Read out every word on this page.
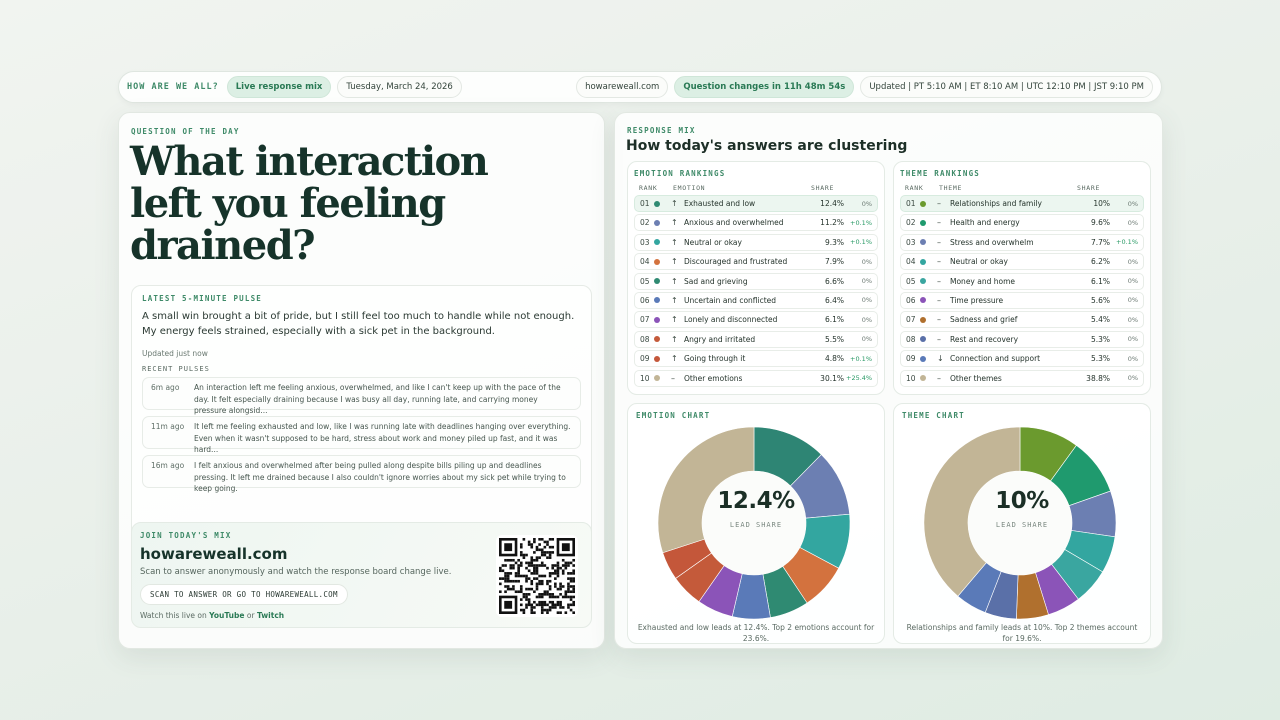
HOW ARE WE ALL?	Live response mix	Tuesday, March 24, 2026	howareweall.com	Question changes in 11h 48m 54s	Updated | PT 5:10 AM | ET 8:10 AM | UTC 12:10 PM | JST 9:10 PM
QUESTION OF THE DAY
What interaction left you feeling drained?
LATEST 5-MINUTE PULSE
A small win brought a bit of pride, but I still feel too much to handle while not enough. My energy feels strained, especially with a sick pet in the background.
Updated just now
RECENT PULSES
6m ago	An interaction left me feeling anxious, overwhelmed, and like I can't keep up with the pace of the day. It felt especially draining because I was busy all day, running late, and carrying money pressure alongsid...
11m ago	It left me feeling exhausted and low, like I was running late with deadlines hanging over everything. Even when it wasn't supposed to be hard, stress about work and money piled up fast, and it was hard...
16m ago	I felt anxious and overwhelmed after being pulled along despite bills piling up and deadlines pressing. It left me drained because I also couldn't ignore worries about my sick pet while trying to keep going.
JOIN TODAY'S MIX
howareweall.com
Scan to answer anonymously and watch the response board change live.
SCAN TO ANSWER OR GO TO HOWAREWEALL.COM
Watch this live on YouTube or Twitch
RESPONSE MIX
How today's answers are clustering
EMOTION RANKINGS
RANK	EMOTION	SHARE
01	↑ Exhausted and low	12.4%	0%
02	↑ Anxious and overwhelmed	11.2% +0.1%
03	↑ Neutral or okay	9.3% +0.1%
04	↑ Discouraged and frustrated	7.9%	0%
05	↑ Sad and grieving	6.6%	0%
06	↑ Uncertain and conflicted	6.4%	0%
07	↑ Lonely and disconnected	6.1%	0%
08	↑ Angry and irritated	5.5%	0%
09	↑ Going through it	4.8% +0.1%
10	–	Other emotions	30.1% +25.4%
THEME RANKINGS
RANK	THEME	SHARE
01	–	Relationships and family	10%	0%
02	–	Health and energy	9.6%	0%
03	–	Stress and overwhelm	7.7% +0.1%
04	–	Neutral or okay	6.2%	0%
05	–	Money and home	6.1%	0%
06	–	Time pressure	5.6%	0%
07	–	Sadness and grief	5.4%	0%
08	–	Rest and recovery	5.3%	0%
09	↓ Connection and support	5.3%	0%
10	–	Other themes	38.8%	0%
EMOTION CHART
12.4%
LEAD SHARE
Exhausted and low leads at 12.4%. Top 2 emotions account for 23.6%.
THEME CHART
10%
LEAD SHARE
Relationships and family leads at 10%. Top 2 themes account for 19.6%.
